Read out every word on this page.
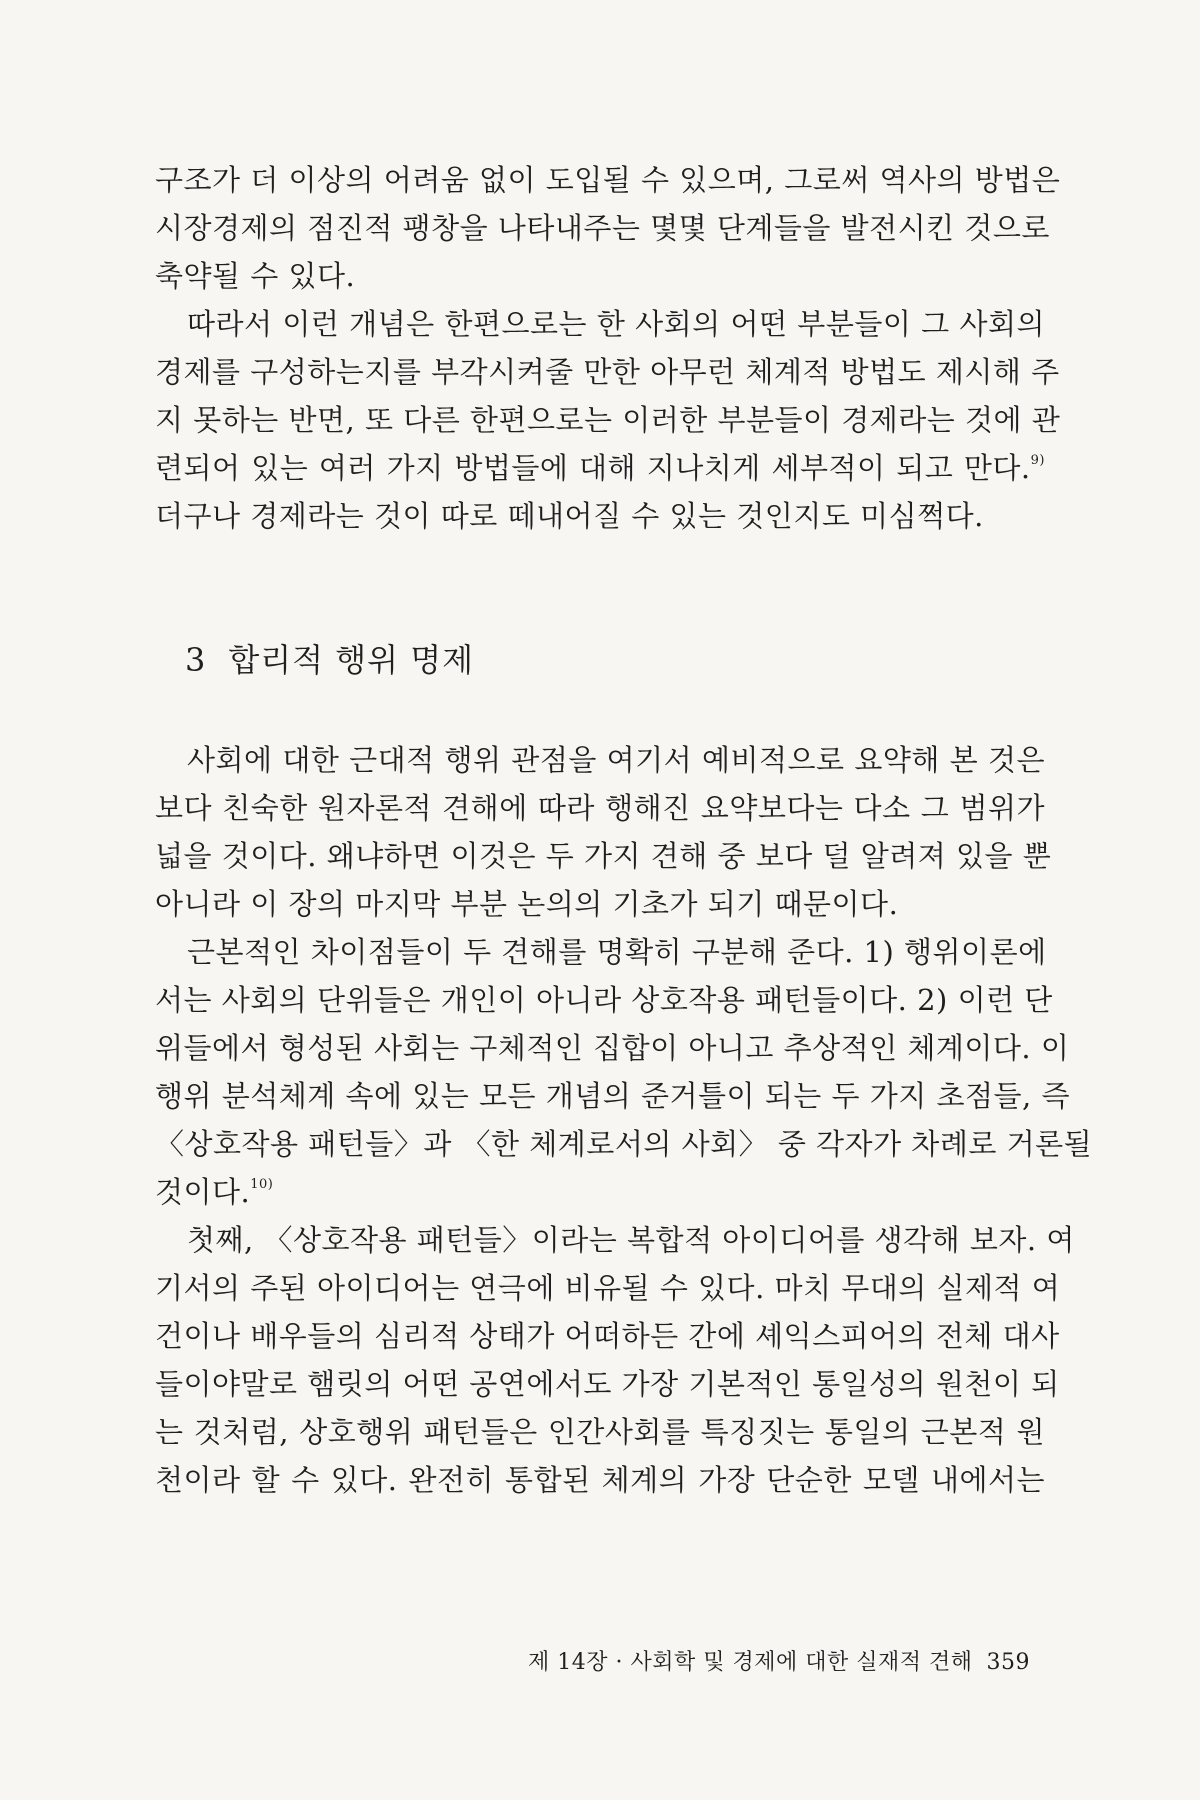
구조가 더 이상의 어려움 없이 도입될 수 있으며, 그로써 역사의 방법은
시장경제의 점진적 팽창을 나타내주는 몇몇 단계들을 발전시킨 것으로
축약될 수 있다.
따라서 이런 개념은 한편으로는 한 사회의 어떤 부분들이 그 사회의
경제를 구성하는지를 부각시켜줄 만한 아무런 체계적 방법도 제시해 주
지 못하는 반면, 또 다른 한편으로는 이러한 부분들이 경제라는 것에 관
련되어 있는 여러 가지 방법들에 대해 지나치게 세부적이 되고 만다.$^{9)}$
더구나 경제라는 것이 따로 떼내어질 수 있는 것인지도 미심쩍다.
3 합리적 행위 명제
사회에 대한 근대적 행위 관점을 여기서 예비적으로 요약해 본 것은
보다 친숙한 원자론적 견해에 따라 행해진 요약보다는 다소 그 범위가
넓을 것이다. 왜냐하면 이것은 두 가지 견해 중 보다 덜 알려져 있을 뿐
아니라 이 장의 마지막 부분 논의의 기초가 되기 때문이다.
근본적인 차이점들이 두 견해를 명확히 구분해 준다. 1) 행위이론에
서는 사회의 단위들은 개인이 아니라 상호작용 패턴들이다. 2) 이런 단
위들에서 형성된 사회는 구체적인 집합이 아니고 추상적인 체계이다. 이
행위 분석체계 속에 있는 모든 개념의 준거틀이 되는 두 가지 초점들, 즉
〈상호작용 패턴들〉과 〈한 체계로서의 사회〉 중 각자가 차례로 거론될
것이다.$^{10)}$
첫째, 〈상호작용 패턴들〉이라는 복합적 아이디어를 생각해 보자. 여
기서의 주된 아이디어는 연극에 비유될 수 있다. 마치 무대의 실제적 여
건이나 배우들의 심리적 상태가 어떠하든 간에 셰익스피어의 전체 대사
들이야말로 햄릿의 어떤 공연에서도 가장 기본적인 통일성의 원천이 되
는 것처럼, 상호행위 패턴들은 인간사회를 특징짓는 통일의 근본적 원
천이라 할 수 있다. 완전히 통합된 체계의 가장 단순한 모델 내에서는
제 14장 · 사회학 및 경제에 대한 실재적 견해 359
